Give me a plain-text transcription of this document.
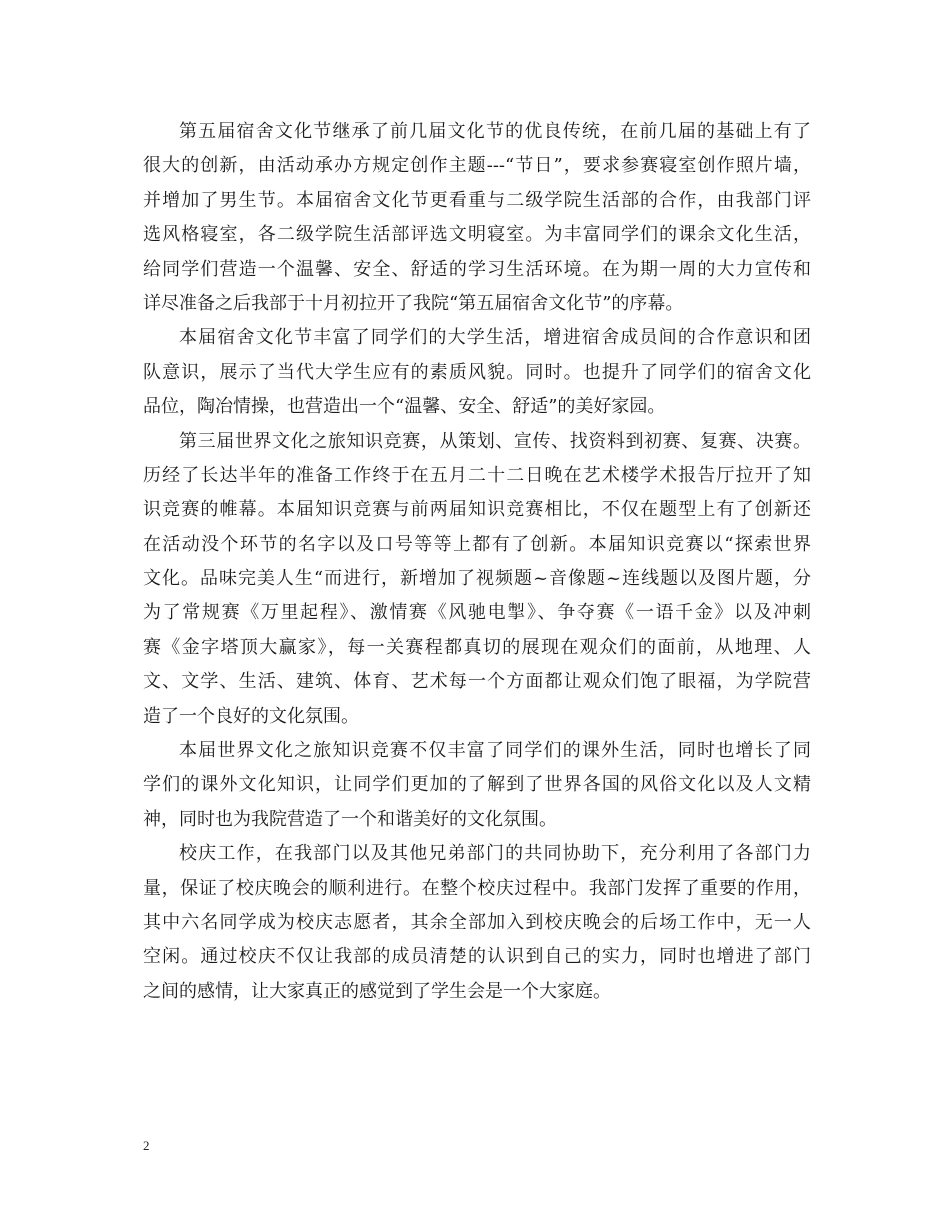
第五届宿舍文化节继承了前几届文化节的优良传统，在前几届的基础上有了
很大的创新，由活动承办方规定创作主题---“节日”，要求参赛寝室创作照片墙，
并增加了男生节。本届宿舍文化节更看重与二级学院生活部的合作，由我部门评
选风格寝室，各二级学院生活部评选文明寝室。为丰富同学们的课余文化生活，
给同学们营造一个温馨、安全、舒适的学习生活环境。在为期一周的大力宣传和
详尽准备之后我部于十月初拉开了我院“第五届宿舍文化节”的序幕。
本届宿舍文化节丰富了同学们的大学生活，增进宿舍成员间的合作意识和团
队意识，展示了当代大学生应有的素质风貌。同时。也提升了同学们的宿舍文化
品位，陶冶情操，也营造出一个“温馨、安全、舒适”的美好家园。
第三届世界文化之旅知识竞赛，从策划、宣传、找资料到初赛、复赛、决赛。
历经了长达半年的准备工作终于在五月二十二日晚在艺术楼学术报告厅拉开了知
识竞赛的帷幕。本届知识竞赛与前两届知识竞赛相比，不仅在题型上有了创新还
在活动没个环节的名字以及口号等等上都有了创新。本届知识竞赛以“探索世界
文化。品味完美人生“而进行，新增加了视频题~音像题~连线题以及图片题，分
为了常规赛《万里起程》、激情赛《风驰电掣》、争夺赛《一语千金》以及冲刺
赛《金字塔顶大赢家》，每一关赛程都真切的展现在观众们的面前，从地理、人
文、文学、生活、建筑、体育、艺术每一个方面都让观众们饱了眼福，为学院营
造了一个良好的文化氛围。
本届世界文化之旅知识竞赛不仅丰富了同学们的课外生活，同时也增长了同
学们的课外文化知识，让同学们更加的了解到了世界各国的风俗文化以及人文精
神，同时也为我院营造了一个和谐美好的文化氛围。
校庆工作，在我部门以及其他兄弟部门的共同协助下，充分利用了各部门力
量，保证了校庆晚会的顺利进行。在整个校庆过程中。我部门发挥了重要的作用，
其中六名同学成为校庆志愿者，其余全部加入到校庆晚会的后场工作中，无一人
空闲。通过校庆不仅让我部的成员清楚的认识到自己的实力，同时也增进了部门
之间的感情，让大家真正的感觉到了学生会是一个大家庭。
2
